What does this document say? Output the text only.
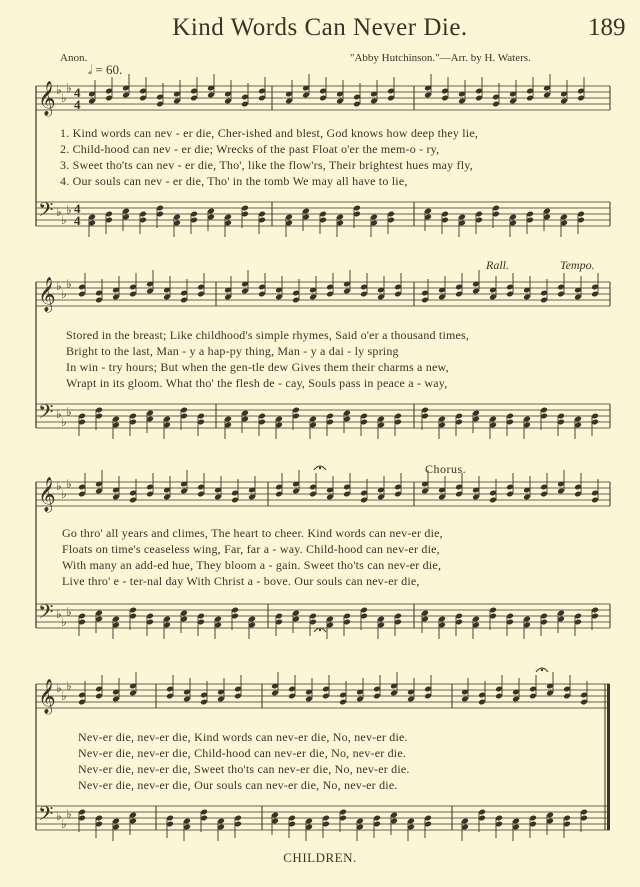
Kind Words Can Never Die.	189
Anon.	"Abby Hutchinson."—Arr. by H. Waters.
𝅗𝅥 = 60.
𝄞
𝄢
♭
♭
♭
♭
♭
♭
4
4
4
4
𝄞
𝄢
♭
♭
♭
♭
♭
♭
𝄞
𝄢
♭
♭
♭
♭
♭
♭
𝄞
𝄢
♭
♭
♭
♭
♭
♭
1. Kind words can nev - er die, Cher-ished and blest, God knows how deep they lie,
2. Child-hood can nev - er die; Wrecks of the past Float o'er the mem-o - ry,
3. Sweet tho'ts can nev - er die, Tho', like the flow'rs, Their brightest hues may fly,
4. Our souls can nev - er die, Tho' in the tomb We may all have to lie,
Rall.	Tempo.
Stored in the breast; Like childhood's simple rhymes, Said o'er a thousand times,
Bright to the last, Man - y a hap-py thing, Man - y a dai - ly spring
In win - try hours; But when the gen-tle dew Gives them their charms a new,
Wrapt in its gloom. What tho' the flesh de - cay, Souls pass in peace a - way,
Chorus.
Go thro' all years and climes, The heart to cheer. Kind words can nev-er die,
Floats on time's ceaseless wing, Far, far a - way. Child-hood can nev-er die,
With many an add-ed hue, They bloom a - gain. Sweet tho'ts can nev-er die,
Live thro' e - ter-nal day With Christ a - bove. Our souls can nev-er die,
Nev-er die, nev-er die, Kind words can nev-er die, No, nev-er die.
Nev-er die, nev-er die, Child-hood can nev-er die, No, nev-er die.
Nev-er die, nev-er die, Sweet tho'ts can nev-er die, No, nev-er die.
Nev-er die, nev-er die, Our souls can nev-er die, No, nev-er die.
CHILDREN.
